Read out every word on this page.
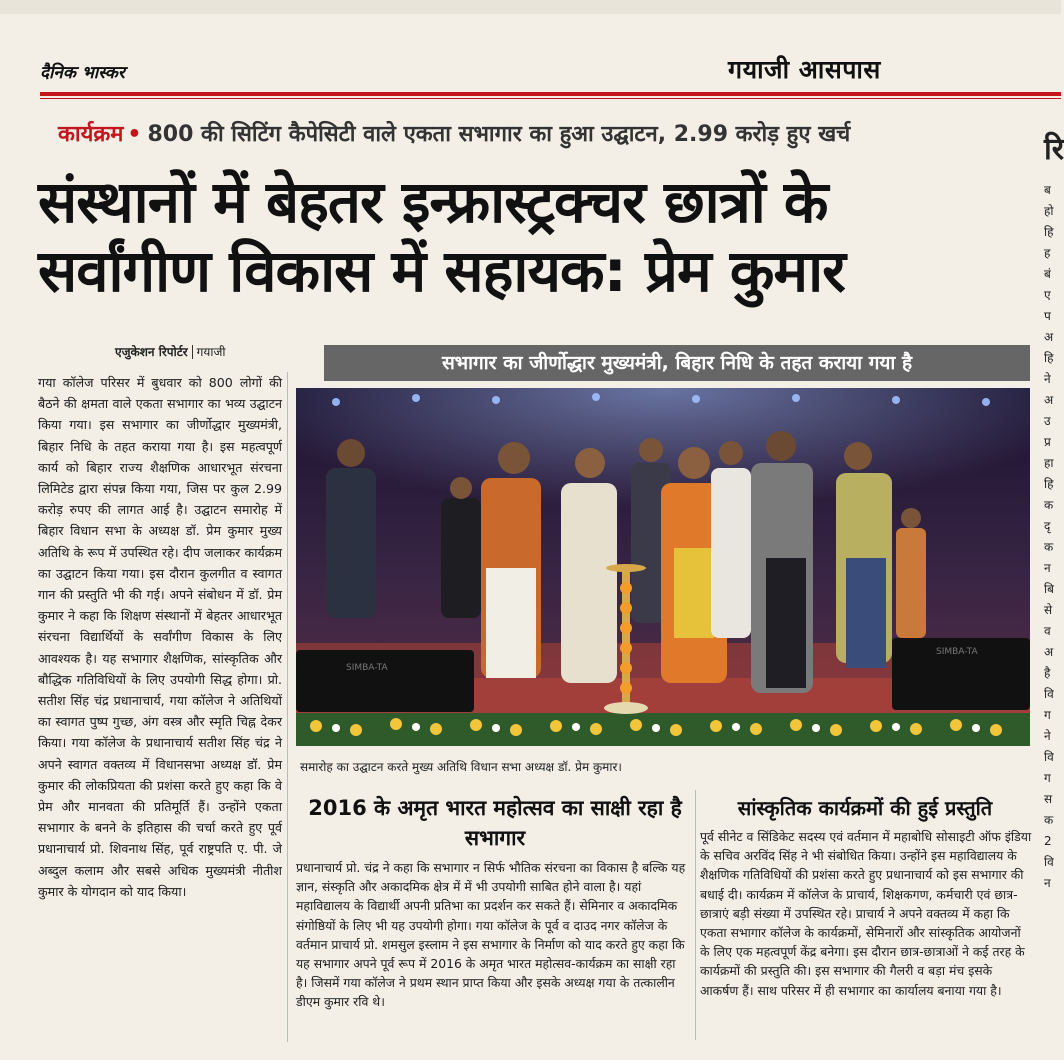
दैनिक भास्कर	गयाजी आसपास
कार्यक्रम • 800 की सिटिंग कैपेसिटी वाले एकता सभागार का हुआ उद्घाटन, 2.99 करोड़ हुए खर्च
संस्थानों में बेहतर इन्फ्रास्ट्रक्चर छात्रों के
सर्वांगीण विकास में सहायक: प्रेम कुमार
एजुकेशन रिपोर्टर गयाजी

गया कॉलेज परिसर में बुधवार को 800 लोगों की बैठने की क्षमता वाले एकता सभागार का भव्य उद्घाटन किया गया। इस सभागार का जीर्णोद्धार मुख्यमंत्री, बिहार निधि के तहत कराया गया है। इस महत्वपूर्ण कार्य को बिहार राज्य शैक्षणिक आधारभूत संरचना लिमिटेड द्वारा संपन्न किया गया, जिस पर कुल 2.99 करोड़ रुपए की लागत आई है। उद्घाटन समारोह में बिहार विधान सभा के अध्यक्ष डॉ. प्रेम कुमार मुख्य अतिथि के रूप में उपस्थित रहे। दीप जलाकर कार्यक्रम का उद्घाटन किया गया। इस दौरान कुलगीत व स्वागत गान की प्रस्तुति भी की गई। अपने संबोधन में डॉ. प्रेम कुमार ने कहा कि शिक्षण संस्थानों में बेहतर आधारभूत संरचना विद्यार्थियों के सर्वांगीण विकास के लिए आवश्यक है। यह सभागार शैक्षणिक, सांस्कृतिक और बौद्धिक गतिविधियों के लिए उपयोगी सिद्ध होगा। प्रो. सतीश सिंह चंद्र प्रधानाचार्य, गया कॉलेज ने अतिथियों का स्वागत पुष्प गुच्छ, अंग वस्त्र और स्मृति चिह्न देकर किया। गया कॉलेज के प्रधानाचार्य सतीश सिंह चंद्र ने अपने स्वागत वक्तव्य में विधानसभा अध्यक्ष डॉ. प्रेम कुमार की लोकप्रियता की प्रशंसा करते हुए कहा कि वे प्रेम और मानवता की प्रतिमूर्ति हैं। उन्होंने एकता सभागार के बनने के इतिहास की चर्चा करते हुए पूर्व प्रधानाचार्य प्रो. शिवनाथ सिंह, पूर्व राष्ट्रपति ए. पी. जे अब्दुल कलाम और सबसे अधिक मुख्यमंत्री नीतीश कुमार के योगदान को याद किया।

सभागार का जीर्णोद्धार मुख्यमंत्री, बिहार निधि के तहत कराया गया है
SIMBA-TA
SIMBA-TA
समारोह का उद्घाटन करते मुख्य अतिथि विधान सभा अध्यक्ष डॉ. प्रेम कुमार।
2016 के अमृत भारत महोत्सव का साक्षी रहा है सभागार
प्रधानाचार्य प्रो. चंद्र ने कहा कि सभागार न सिर्फ भौतिक संरचना का विकास है बल्कि यह ज्ञान, संस्कृति और अकादमिक क्षेत्र में में भी उपयोगी साबित होने वाला है। यहां महाविद्यालय के विद्यार्थी अपनी प्रतिभा का प्रदर्शन कर सकते हैं। सेमिनार व अकादमिक संगोष्ठियों के लिए भी यह उपयोगी होगा। गया कॉलेज के पूर्व व दाउद नगर कॉलेज के वर्तमान प्राचार्य प्रो. शमसुल इस्लाम ने इस सभागार के निर्माण को याद करते हुए कहा कि यह सभागार अपने पूर्व रूप में 2016 के अमृत भारत महोत्सव-कार्यक्रम का साक्षी रहा है। जिसमें गया कॉलेज ने प्रथम स्थान प्राप्त किया और इसके अध्यक्ष गया के तत्कालीन डीएम कुमार रवि थे।
सांस्कृतिक कार्यक्रमों की हुई प्रस्तुति
पूर्व सीनेट व सिंडिकेट सदस्य एवं वर्तमान में महाबोधि सोसाइटी ऑफ इंडिया के सचिव अरविंद सिंह ने भी संबोधित किया। उन्होंने इस महाविद्यालय के शैक्षणिक गतिविधियों की प्रशंसा करते हुए प्रधानाचार्य को इस सभागार की बधाई दी। कार्यक्रम में कॉलेज के प्राचार्य, शिक्षकगण, कर्मचारी एवं छात्र-छात्राएं बड़ी संख्या में उपस्थित रहे। प्राचार्य ने अपने वक्तव्य में कहा कि एकता सभागार कॉलेज के कार्यक्रमों, सेमिनारों और सांस्कृतिक आयोजनों के लिए एक महत्वपूर्ण केंद्र बनेगा। इस दौरान छात्र-छात्राओं ने कई तरह के कार्यक्रमों की प्रस्तुति की। इस सभागार की गैलरी व बड़ा मंच इसके आकर्षण हैं। साथ परिसर में ही सभागार का कार्यालय बनाया गया है।
रि
ब
हो
हि
ह
बं
ए
प
अ
हि
ने
अ
उ
प्र
हा
हि
क
दृ
क
न
बि
से
व
अ
है
वि
ग
ने
वि
ग
स
क
2
वि
न
